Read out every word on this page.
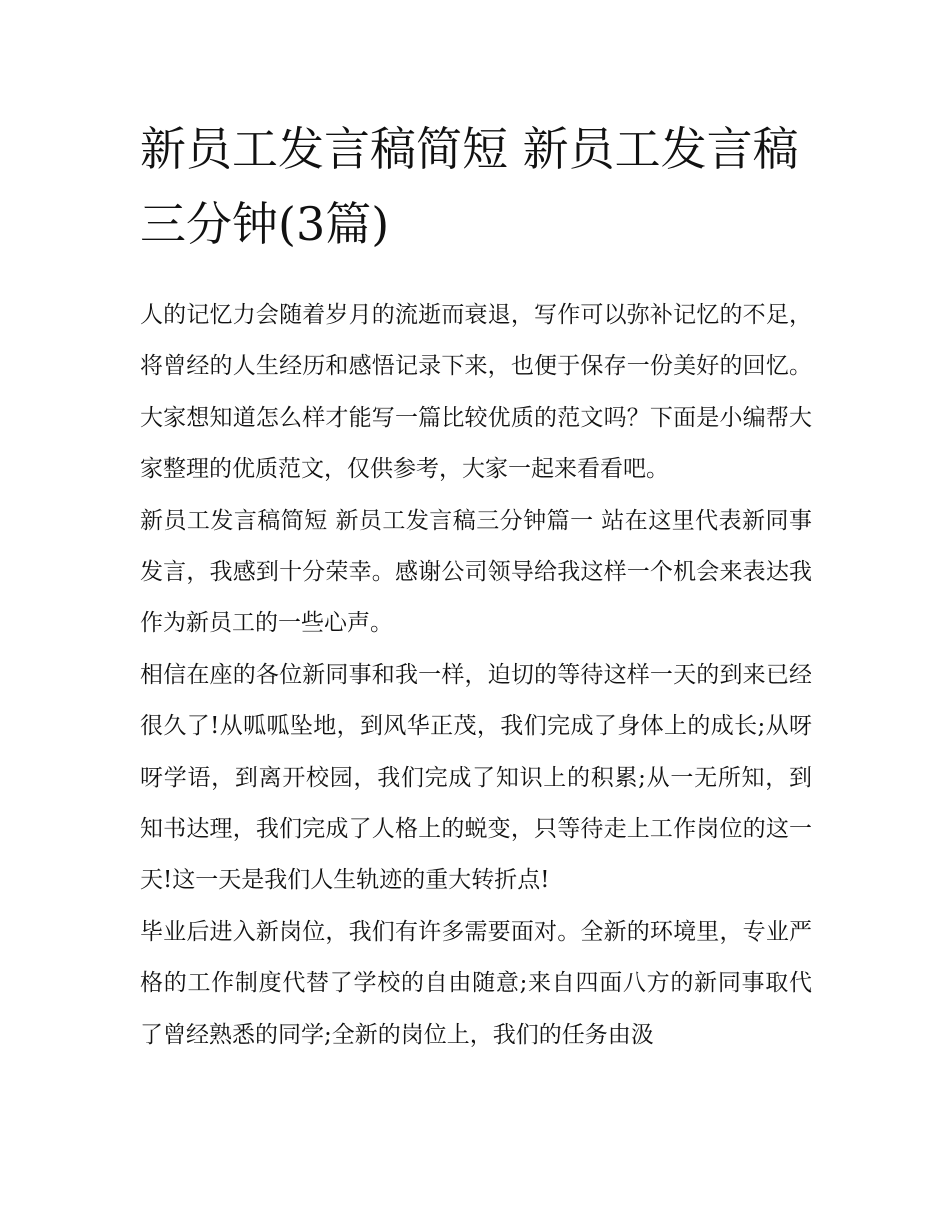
新员工发言稿简短 新员工发言稿三分钟(3篇)

人的记忆力会随着岁月的流逝而衰退，写作可以弥补记忆的不足，将曾经的人生经历和感悟记录下来，也便于保存一份美好的回忆。大家想知道怎么样才能写一篇比较优质的范文吗？下面是小编帮大家整理的优质范文，仅供参考，大家一起来看看吧。

新员工发言稿简短 新员工发言稿三分钟篇一 站在这里代表新同事发言，我感到十分荣幸。感谢公司领导给我这样一个机会来表达我作为新员工的一些心声。

相信在座的各位新同事和我一样，迫切的等待这样一天的到来已经很久了!从呱呱坠地，到风华正茂，我们完成了身体上的成长;从呀呀学语，到离开校园，我们完成了知识上的积累;从一无所知，到知书达理，我们完成了人格上的蜕变，只等待走上工作岗位的这一天!这一天是我们人生轨迹的重大转折点!

毕业后进入新岗位，我们有许多需要面对。全新的环境里，专业严格的工作制度代替了学校的自由随意;来自四面八方的新同事取代了曾经熟悉的同学;全新的岗位上，我们的任务由汲
